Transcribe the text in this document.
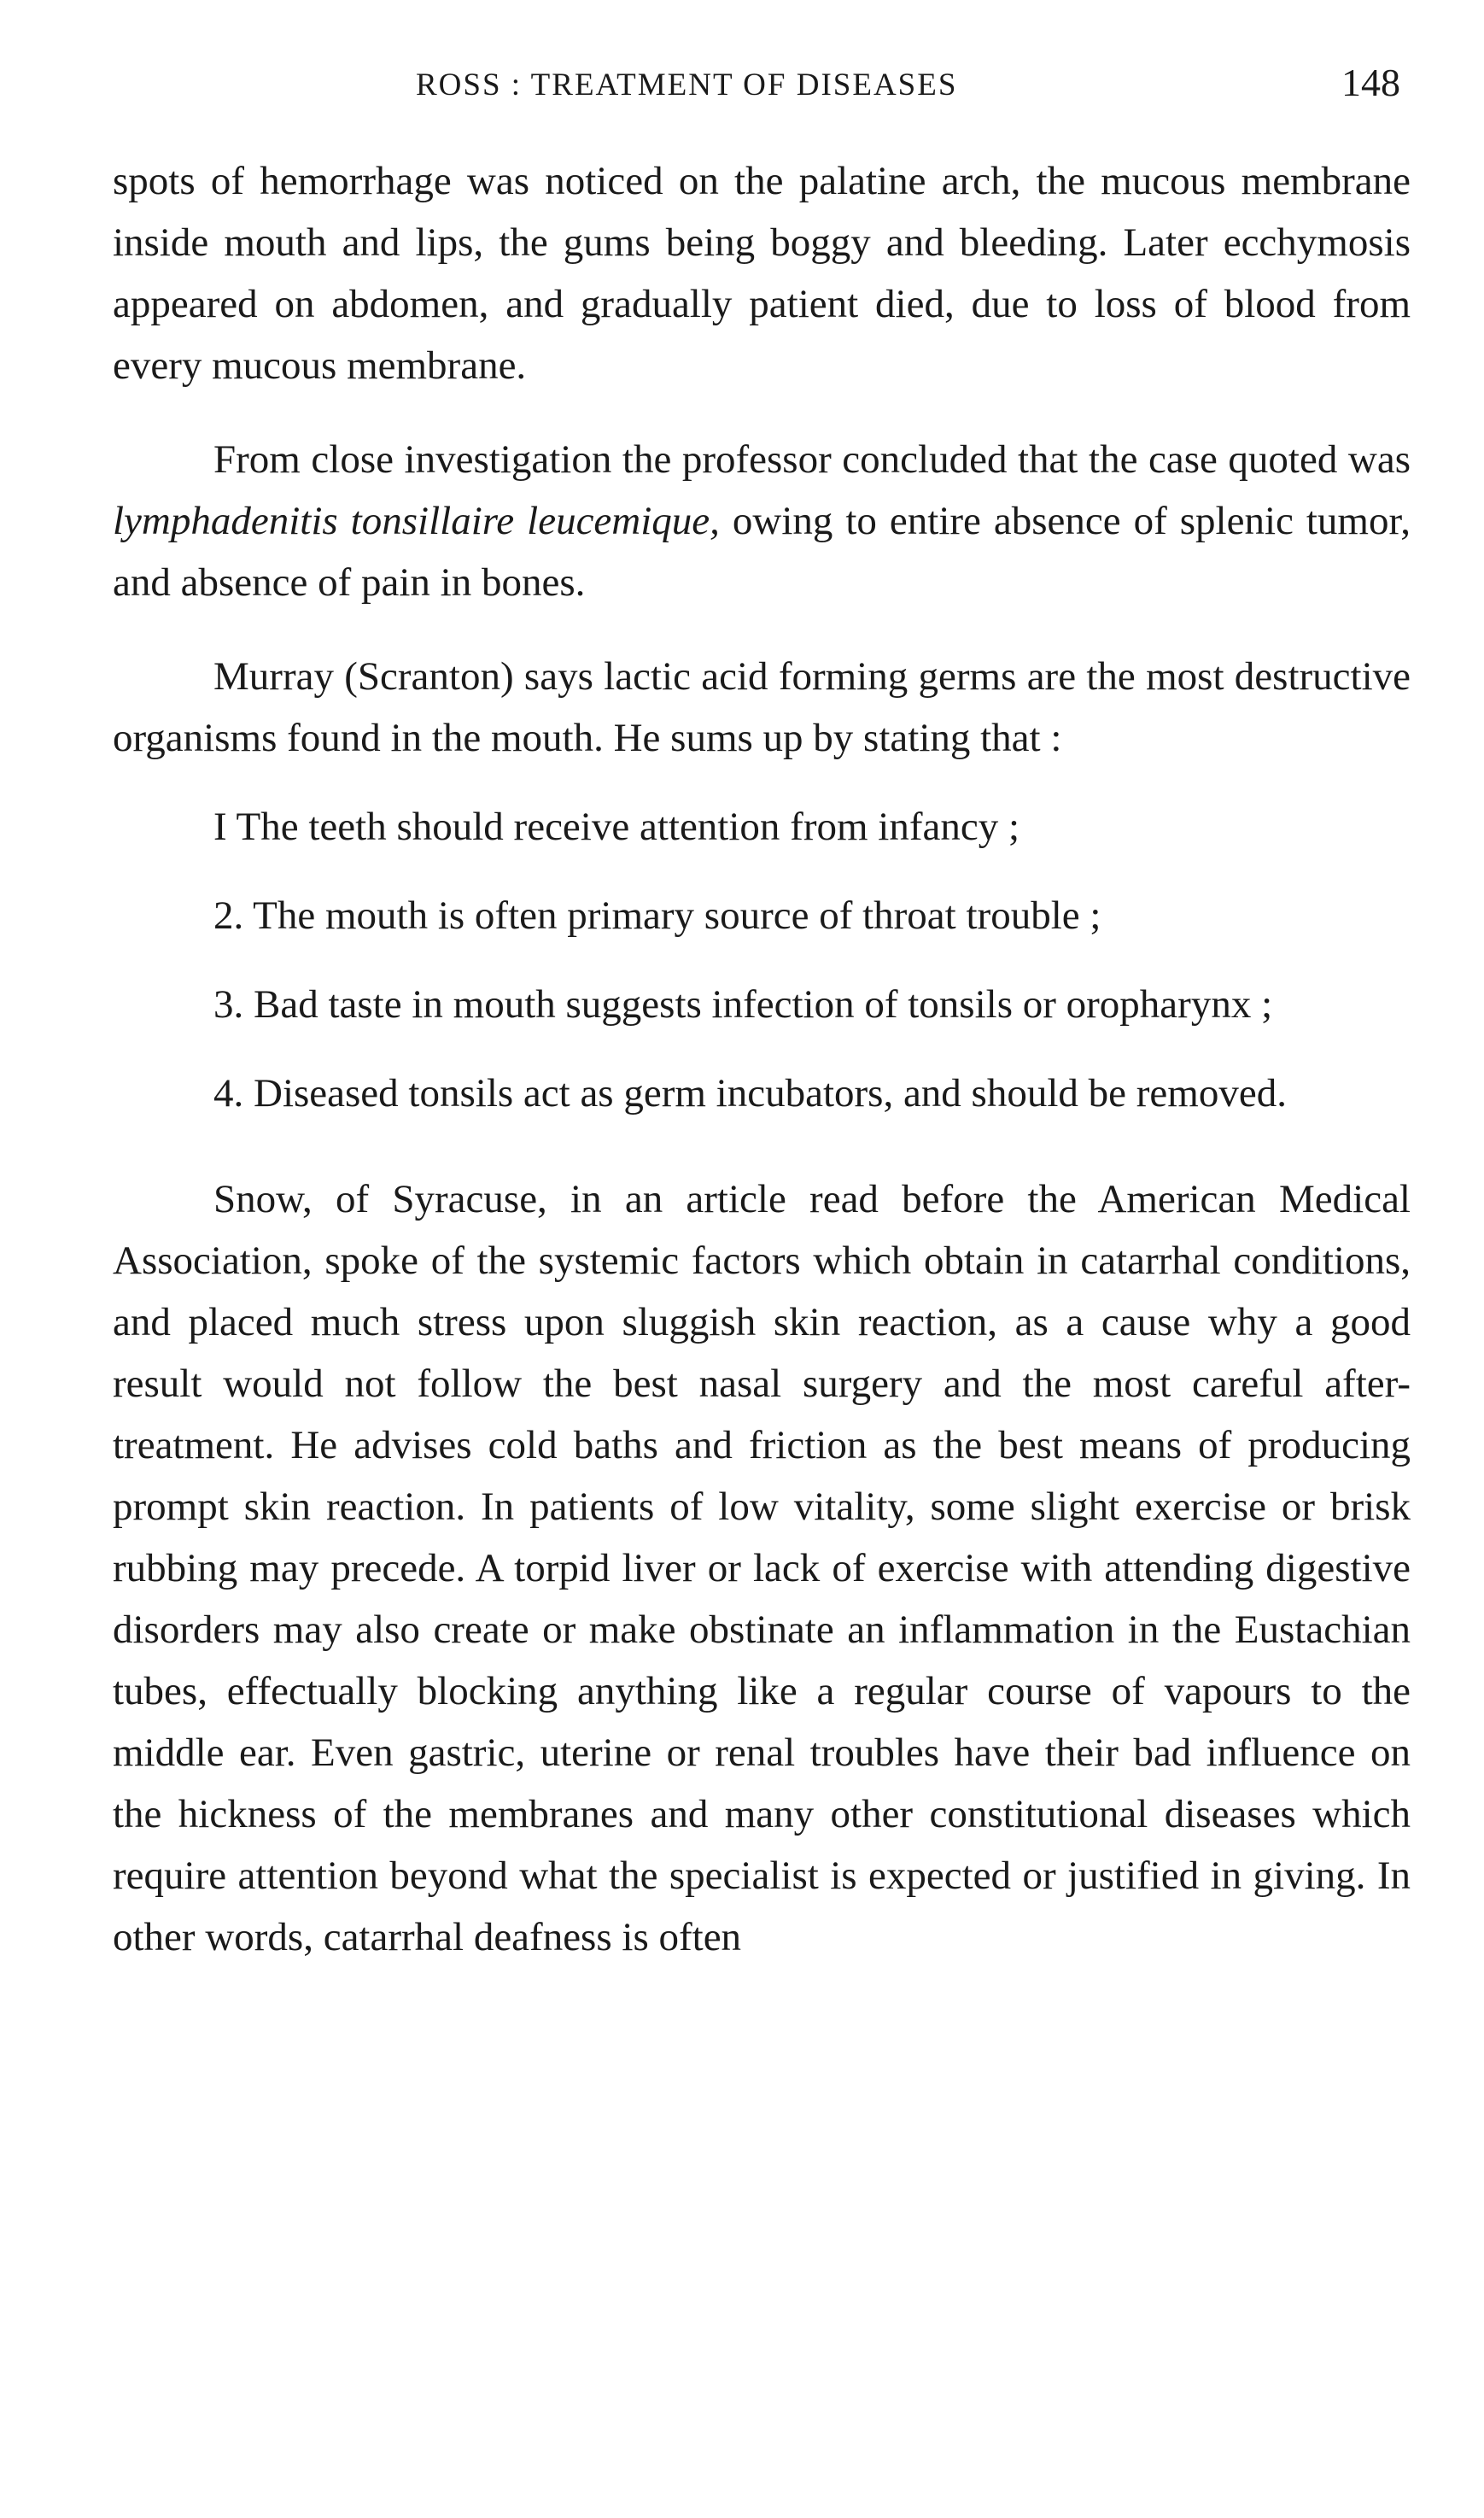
ROSS : TREATMENT OF DISEASES	148

spots of hemorrhage was noticed on the palatine arch, the mucous membrane inside mouth and lips, the gums being boggy and bleeding. Later ecchymosis appeared on abdomen, and gradually patient died, due to loss of blood from every mucous membrane.

From close investigation the professor concluded that the case quoted was lymphadenitis tonsillaire leucemique, owing to entire absence of splenic tumor, and absence of pain in bones.

Murray (Scranton) says lactic acid forming germs are the most destructive organisms found in the mouth. He sums up by stating that :

I The teeth should receive attention from infancy ;

2. The mouth is often primary source of throat trouble ;

3. Bad taste in mouth suggests infection of tonsils or oropharynx ;

4. Diseased tonsils act as germ incubators, and should be removed.

Snow, of Syracuse, in an article read before the American Medical Association, spoke of the systemic factors which obtain in catarrhal conditions, and placed much stress upon sluggish skin reaction, as a cause why a good result would not follow the best nasal surgery and the most careful after-treatment. He advises cold baths and friction as the best means of producing prompt skin reaction. In patients of low vitality, some slight exercise or brisk rubbing may precede. A torpid liver or lack of exercise with attending digestive disorders may also create or make obstinate an inflammation in the Eustachian tubes, effectually blocking anything like a regular course of vapours to the middle ear. Even gastric, uterine or renal troubles have their bad influence on the hickness of the membranes and many other constitutional diseases which require attention beyond what the specialist is expected or justified in giving. In other words, catarrhal deafness is often
